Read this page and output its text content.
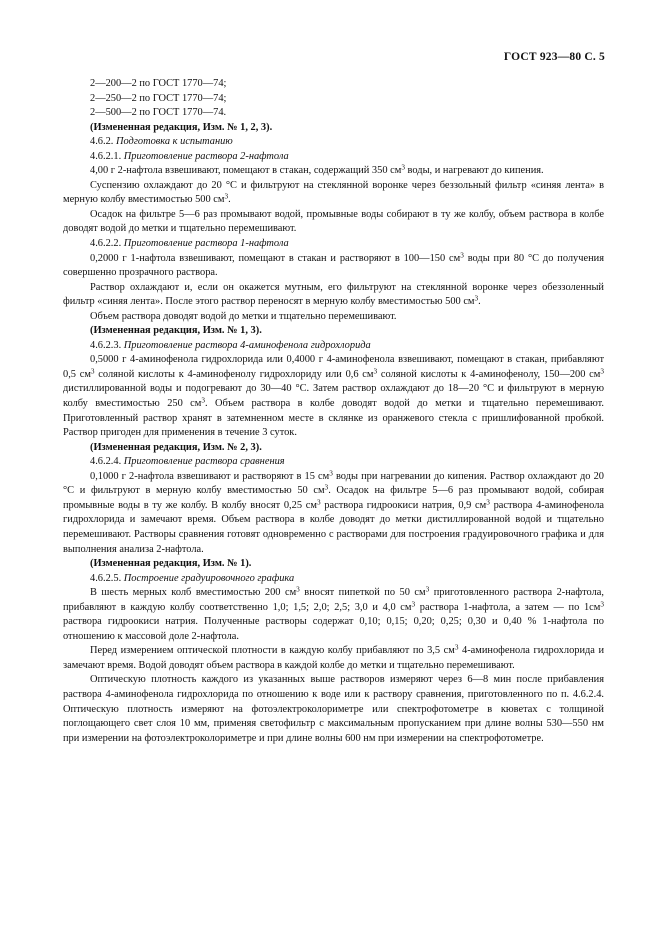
ГОСТ 923—80 С. 5

2—200—2 по ГОСТ 1770—74;

2—250—2 по ГОСТ 1770—74;

2—500—2 по ГОСТ 1770—74.

(Измененная редакция, Изм. № 1, 2, 3).

4.6.2. Подготовка к испытанию

4.6.2.1. Приготовление раствора 2-нафтола

4,00 г 2-нафтола взвешивают, помещают в стакан, содержащий 350 $см^3$ воды, и нагревают до кипения.

Суспензию охлаждают до 20 °С и фильтруют на стеклянной воронке через беззольный фильтр «синяя лента» в мерную колбу вместимостью 500 $см^3$.

Осадок на фильтре 5—6 раз промывают водой, промывные воды собирают в ту же колбу, объем раствора в колбе доводят водой до метки и тщательно перемешивают.

4.6.2.2. Приготовление раствора 1-нафтола

0,2000 г 1-нафтола взвешивают, помещают в стакан и растворяют в 100—150 $см^3$ воды при 80 °С до получения совершенно прозрачного раствора.

Раствор охлаждают и, если он окажется мутным, его фильтруют на стеклянной воронке через обеззоленный фильтр «синяя лента». После этого раствор переносят в мерную колбу вместимостью 500 $см^3$.

Объем раствора доводят водой до метки и тщательно перемешивают.

(Измененная редакция, Изм. № 1, 3).

4.6.2.3. Приготовление раствора 4-аминофенола гидрохлорида

0,5000 г 4-аминофенола гидрохлорида или 0,4000 г 4-аминофенола взвешивают, помещают в стакан, прибавляют 0,5 $см^3$ соляной кислоты к 4-аминофенолу гидрохлориду или 0,6 $см^3$ соляной кислоты к 4-аминофенолу, 150—200 $см^3$ дистиллированной воды и подогревают до 30—40 °С. Затем раствор охлаждают до 18—20 °С и фильтруют в мерную колбу вместимостью 250 $см^3$. Объем раствора в колбе доводят водой до метки и тщательно перемешивают. Приготовленный раствор хранят в затемненном месте в склянке из оранжевого стекла с пришлифованной пробкой. Раствор пригоден для применения в течение 3 суток.

(Измененная редакция, Изм. № 2, 3).

4.6.2.4. Приготовление раствора сравнения

0,1000 г 2-нафтола взвешивают и растворяют в 15 $см^3$ воды при нагревании до кипения. Раствор охлаждают до 20 °С и фильтруют в мерную колбу вместимостью 50 $см^3$. Осадок на фильтре 5—6 раз промывают водой, собирая промывные воды в ту же колбу. В колбу вносят 0,25 $см^3$ раствора гидроокиси натрия, 0,9 $см^3$ раствора 4-аминофенола гидрохлорида и замечают время. Объем раствора в колбе доводят до метки дистиллированной водой и тщательно перемешивают. Растворы сравнения готовят одновременно с растворами для построения градуировочного графика и для выполнения анализа 2-нафтола.

(Измененная редакция, Изм. № 1).

4.6.2.5. Построение градуировочного графика

В шесть мерных колб вместимостью 200 $см^3$ вносят пипеткой по 50 $см^3$ приготовленного раствора 2-нафтола, прибавляют в каждую колбу соответственно 1,0; 1,5; 2,0; 2,5; 3,0 и 4,0 $см^3$ раствора 1-нафтола, а затем — по $1см^3$ раствора гидроокиси натрия. Полученные растворы содержат 0,10; 0,15; 0,20; 0,25; 0,30 и 0,40 % 1-нафтола по отношению к массовой доле 2-нафтола.

Перед измерением оптической плотности в каждую колбу прибавляют по 3,5 $см^3$ 4-аминофенола гидрохлорида и замечают время. Водой доводят объем раствора в каждой колбе до метки и тщательно перемешивают.

Оптическую плотность каждого из указанных выше растворов измеряют через 6—8 мин после прибавления раствора 4-аминофенола гидрохлорида по отношению к воде или к раствору сравнения, приготовленного по п. 4.6.2.4. Оптическую плотность измеряют на фотоэлектроколориметре или спектрофотометре в кюветах с толщиной поглощающего свет слоя 10 мм, применяя светофильтр с максимальным пропусканием при длине волны 530—550 нм при измерении на фотоэлектроколориметре и при длине волны 600 нм при измерении на спектрофотометре.
